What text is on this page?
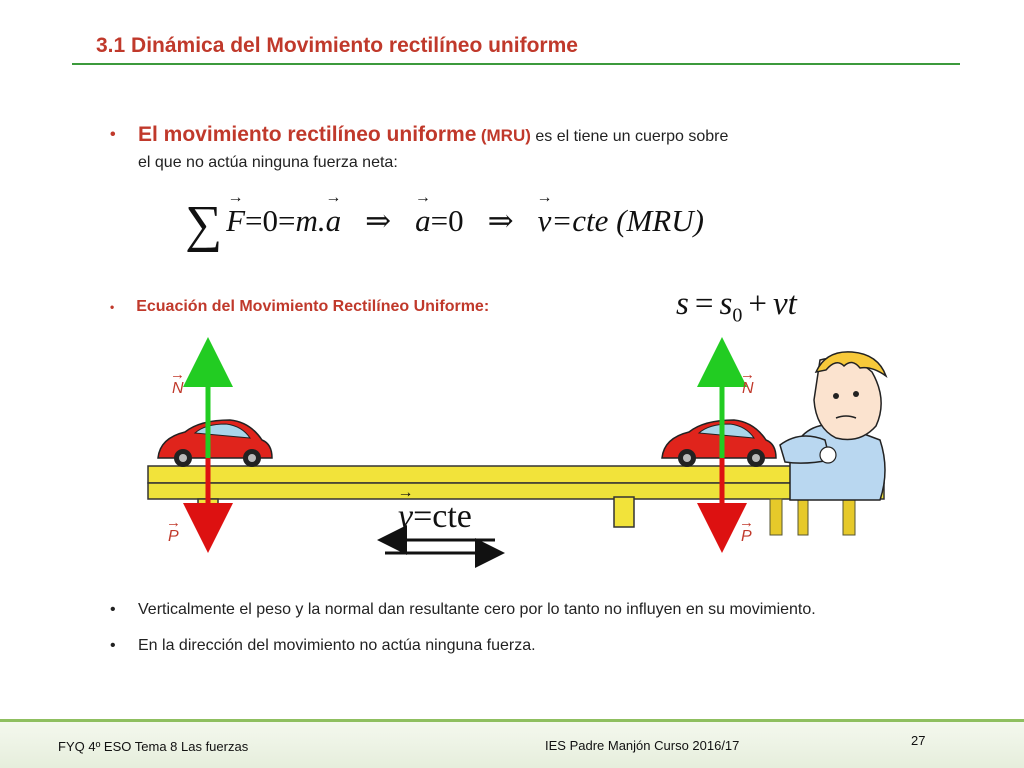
3.1 Dinámica del Movimiento rectilíneo uniforme
• El movimiento rectilíneo uniforme (MRU) es el tiene un cuerpo sobre
el que no actúa ninguna fuerza neta:
∑ → F=0=m.→ a ⇒ → a=0 ⇒ → v=cte (MRU)
• Ecuación del Movimiento Rectilíneo Uniforme:	$s = s_0$ + vt
→
N
→
N
→
P
→
P
→ v=cte
• Verticalmente el peso y la normal dan resultante cero por lo tanto no influyen en su movimiento.
• En la dirección del movimiento no actúa ninguna fuerza.
FYQ 4º ESO Tema 8 Las fuerzas	IES Padre Manjón Curso 2016/17	27
